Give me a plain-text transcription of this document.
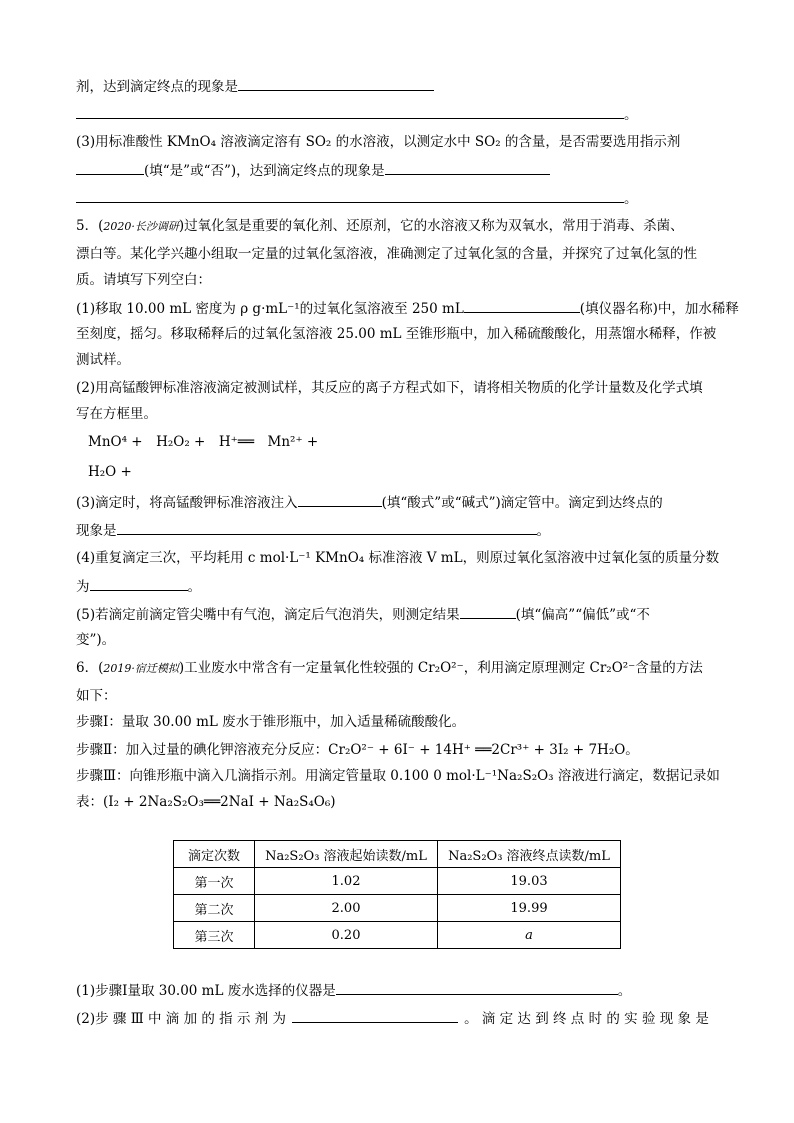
剂，达到滴定终点的现象是
。
(3)用标准酸性 KMnO₄ 溶液滴定溶有 SO₂ 的水溶液，以测定水中 SO₂ 的含量，是否需要选用指示剂
(填“是”或“否”)，达到滴定终点的现象是
。
5．(2020·长沙调研)过氧化氢是重要的氧化剂、还原剂，它的水溶液又称为双氧水，常用于消毒、杀菌、
漂白等。某化学兴趣小组取一定量的过氧化氢溶液，准确测定了过氧化氢的含量，并探究了过氧化氢的性
质。请填写下列空白：
(1)移取 10.00 mL 密度为 ρ g·mL⁻¹的过氧化氢溶液至 250 mL	(填仪器名称)中，加水稀释
至刻度，摇匀。移取稀释后的过氧化氢溶液 25.00 mL 至锥形瓶中，加入稀硫酸酸化，用蒸馏水稀释，作被
测试样。
(2)用高锰酸钾标准溶液滴定被测试样，其反应的离子方程式如下，请将相关物质的化学计量数及化学式填
写在方框里。
MnO⁴ +　H₂O₂ +　H⁺══　Mn²⁺ +
H₂O +
(3)滴定时，将高锰酸钾标准溶液注入	(填“酸式”或“碱式”)滴定管中。滴定到达终点的
现象是	。
(4)重复滴定三次，平均耗用 c mol·L⁻¹ KMnO₄ 标准溶液 V mL，则原过氧化氢溶液中过氧化氢的质量分数
为	。
(5)若滴定前滴定管尖嘴中有气泡，滴定后气泡消失，则测定结果	(填“偏高”“偏低”或“不
变”)。
6．(2019·宿迁模拟)工业废水中常含有一定量氧化性较强的 Cr₂O²⁻，利用滴定原理测定 Cr₂O²⁻含量的方法
如下：
步骤Ⅰ：量取 30.00 mL 废水于锥形瓶中，加入适量稀硫酸酸化。
步骤Ⅱ：加入过量的碘化钾溶液充分反应：Cr₂O²⁻ + 6I⁻ + 14H⁺ ══2Cr³⁺ + 3I₂ + 7H₂O。
步骤Ⅲ：向锥形瓶中滴入几滴指示剂。用滴定管量取 0.100 0 mol·L⁻¹Na₂S₂O₃ 溶液进行滴定，数据记录如
表：(I₂ + 2Na₂S₂O₃══2NaI + Na₂S₄O₆)
滴定次数	Na₂S₂O₃ 溶液起始读数/mL	Na₂S₂O₃ 溶液终点读数/mL
第一次	1.02	19.03
第二次	2.00	19.99
第三次	0.20	a
(1)步骤Ⅰ量取 30.00 mL 废水选择的仪器是	。
(2)步 骤 Ⅲ 中 滴 加 的 指 示 剂 为	。 滴 定 达 到 终 点 时 的 实 验 现 象 是
